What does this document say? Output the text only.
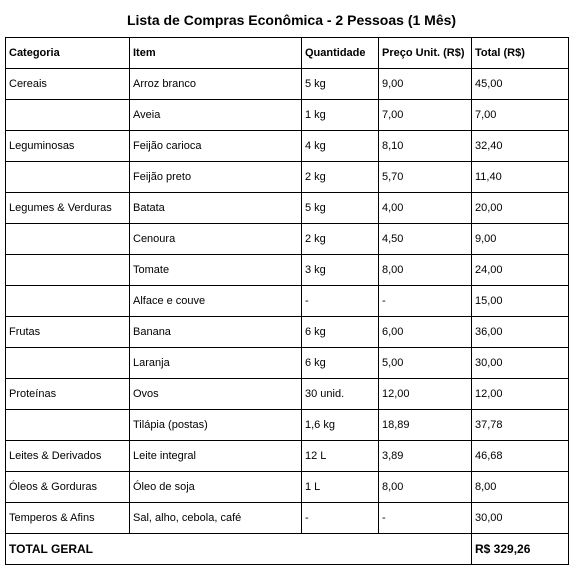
Lista de Compras Econômica - 2 Pessoas (1 Mês)
Categoria	Item	Quantidade	Preço Unit. (R$)	Total (R$)
Cereais	Arroz branco	5 kg	9,00	45,00
	Aveia	1 kg	7,00	7,00
Leguminosas	Feijão carioca	4 kg	8,10	32,40
	Feijão preto	2 kg	5,70	11,40
Legumes & Verduras	Batata	5 kg	4,00	20,00
	Cenoura	2 kg	4,50	9,00
	Tomate	3 kg	8,00	24,00
	Alface e couve	-	-	15,00
Frutas	Banana	6 kg	6,00	36,00
	Laranja	6 kg	5,00	30,00
Proteínas	Ovos	30 unid.	12,00	12,00
	Tilápia (postas)	1,6 kg	18,89	37,78
Leites & Derivados	Leite integral	12 L	3,89	46,68
Óleos & Gorduras	Óleo de soja	1 L	8,00	8,00
Temperos & Afins	Sal, alho, cebola, café	-	-	30,00
TOTAL GERAL				R$ 329,26
